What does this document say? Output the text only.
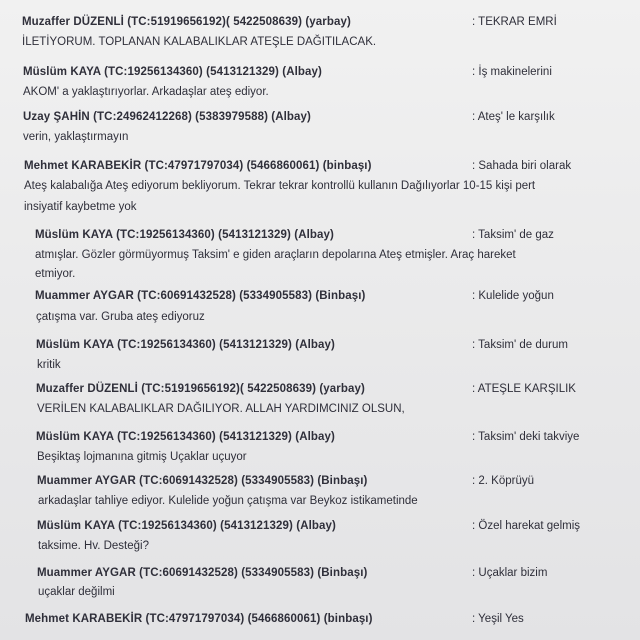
Muzaffer DÜZENLİ (TC:51919656192)( 5422508639) (yarbay)	: TEKRAR EMRİ
İLETİYORUM. TOPLANAN KALABALIKLAR ATEŞLE DAĞITILACAK.
Müslüm KAYA (TC:19256134360) (5413121329) (Albay)	: İş makinelerini
AKOM' a yaklaştırıyorlar. Arkadaşlar ateş ediyor.
Uzay ŞAHİN (TC:24962412268) (5383979588) (Albay)	: Ateş' le karşılık
verin, yaklaştırmayın
Mehmet KARABEKİR (TC:47971797034) (5466860061) (binbaşı)	: Sahada biri olarak
Ateş kalabalığa Ateş ediyorum bekliyorum. Tekrar tekrar kontrollü kullanın Dağılıyorlar 10-15 kişi pert
insiyatif kaybetme yok
Müslüm KAYA (TC:19256134360) (5413121329) (Albay)	: Taksim' de gaz
atmışlar. Gözler görmüyormuş Taksim' e giden araçların depolarına Ateş etmişler. Araç hareket
etmiyor.
Muammer AYGAR (TC:60691432528) (5334905583) (Binbaşı)	: Kulelide yoğun
çatışma var. Gruba ateş ediyoruz
Müslüm KAYA (TC:19256134360) (5413121329) (Albay)	: Taksim' de durum
kritik
Muzaffer DÜZENLİ (TC:51919656192)( 5422508639) (yarbay)	: ATEŞLE KARŞILIK
VERİLEN KALABALIKLAR DAĞILIYOR. ALLAH YARDIMCINIZ OLSUN,
Müslüm KAYA (TC:19256134360) (5413121329) (Albay)	: Taksim' deki takviye
Beşiktaş lojmanına gitmiş Uçaklar uçuyor
Muammer AYGAR (TC:60691432528) (5334905583) (Binbaşı)	: 2. Köprüyü
arkadaşlar tahliye ediyor. Kulelide yoğun çatışma var Beykoz istikametinde
Müslüm KAYA (TC:19256134360) (5413121329) (Albay)	: Özel harekat gelmiş
taksime. Hv. Desteği?
Muammer AYGAR (TC:60691432528) (5334905583) (Binbaşı)	: Uçaklar bizim
uçaklar değilmi
Mehmet KARABEKİR (TC:47971797034) (5466860061) (binbaşı)	: Yeşil Yes
